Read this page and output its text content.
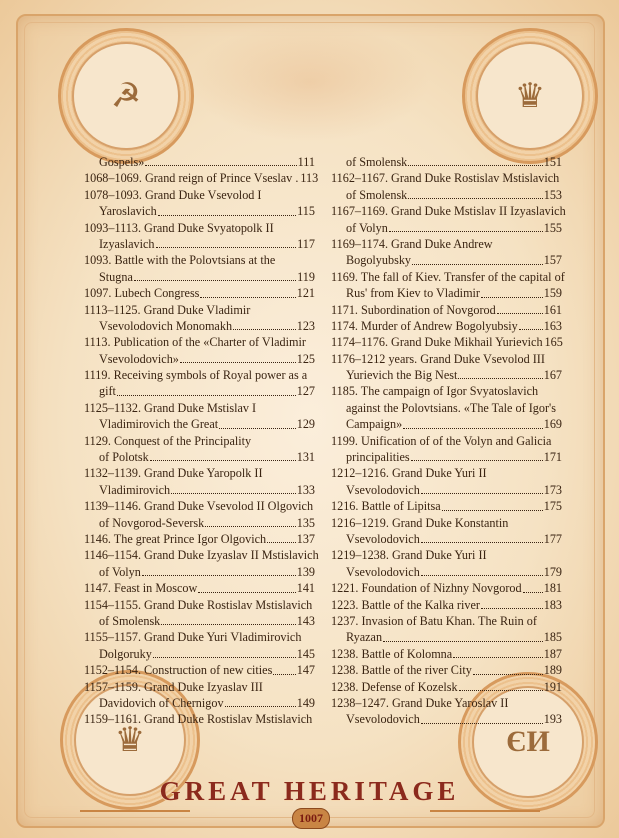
☭	♛
♛	ЄИ
Gospels»	111
1068–1069. Grand reign of Prince Vseslav . 113
1078–1093. Grand Duke Vsevolod I
Yaroslavich	115
1093–1113. Grand Duke Svyatopolk II
Izyaslavich	117
1093. Battle with the Polovtsians at the
Stugna	119
1097. Lubech Congress	121
1113–1125. Grand Duke Vladimir
Vsevolodovich Monomakh	123
1113. Publication of the «Charter of Vladimir
Vsevolodovich»	125
1119. Receiving symbols of Royal power as a
gift	127
1125–1132. Grand Duke Mstislav I
Vladimirovich the Great	129
1129. Conquest of the Principality
of Polotsk	131
1132–1139. Grand Duke Yaropolk II
Vladimirovich	133
1139–1146. Grand Duke Vsevolod II Olgovich
of Novgorod-Seversk	135
1146. The great Prince Igor Olgovich	137
1146–1154. Grand Duke Izyaslav II Mstislavich
of Volyn	139
1147. Feast in Moscow	141
1154–1155. Grand Duke Rostislav Mstislavich
of Smolensk	143
1155–1157. Grand Duke Yuri Vladimirovich
Dolgoruky	145
1152–1154. Construction of new cities 147
1157–1159. Grand Duke Izyaslav III
Davidovich of Chernigov	149
1159–1161. Grand Duke Rostislav Mstislavich
of Smolensk	151
1162–1167. Grand Duke Rostislav Mstislavich
of Smolensk	153
1167–1169. Grand Duke Mstislav II Izyaslavich
of Volyn	155
1169–1174. Grand Duke Andrew
Bogolyubsky	157
1169. The fall of Kiev. Transfer of the capital of
Rus' from Kiev to Vladimir	159
1171. Subordination of Novgorod	161
1174. Murder of Andrew Bogolyubsiy 163
1174–1176. Grand Duke Mikhail Yurievich 165
1176–1212 years. Grand Duke Vsevolod III
Yurievich the Big Nest	167
1185. The campaign of Igor Svyatoslavich
against the Polovtsians. «The Tale of Igor's
Campaign»	169
1199. Unification of of the Volyn and Galicia
principalities	171
1212–1216. Grand Duke Yuri II
Vsevolodovich	173
1216. Battle of Lipitsa	175
1216–1219. Grand Duke Konstantin
Vsevolodovich	177
1219–1238. Grand Duke Yuri II
Vsevolodovich	179
1221. Foundation of Nizhny Novgorod 181
1223. Battle of the Kalka river	183
1237. Invasion of Batu Khan. The Ruin of
Ryazan	185
1238. Battle of Kolomna	187
1238. Battle of the river City	189
1238. Defense of Kozelsk	191
1238–1247. Grand Duke Yaroslav II
Vsevolodovich	193
GREAT HERITAGE
1007
